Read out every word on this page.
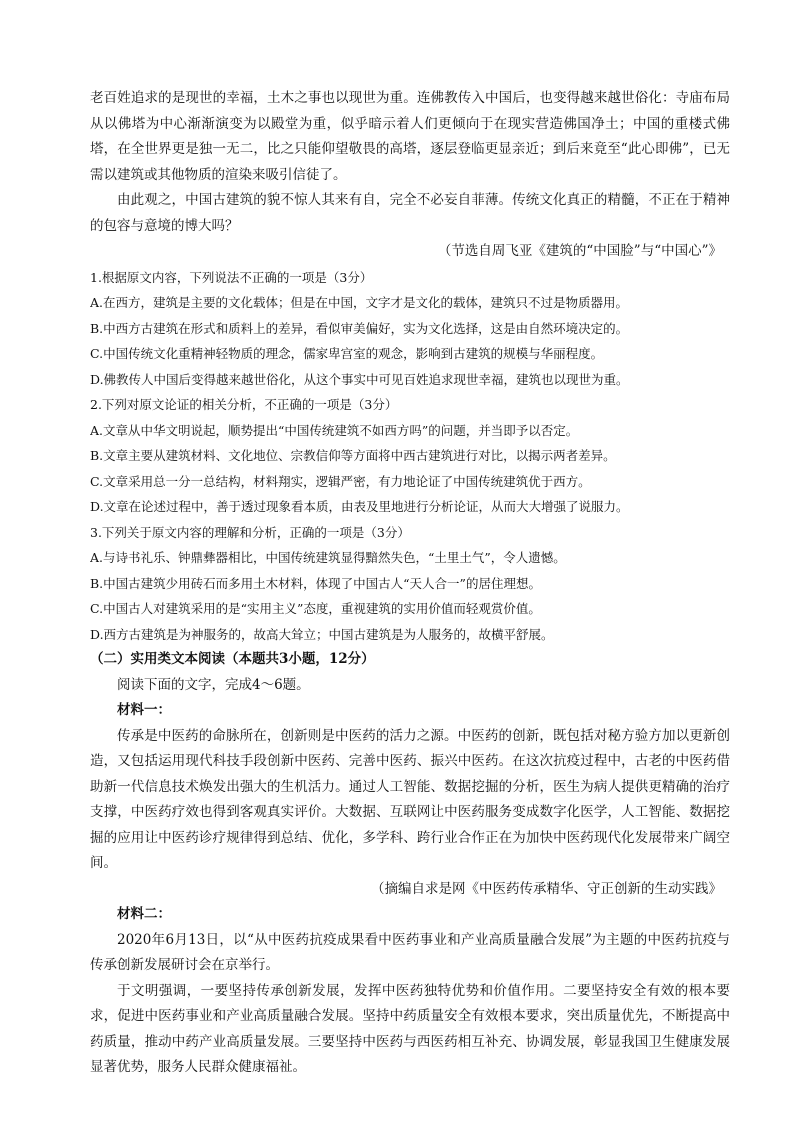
老百姓追求的是现世的幸福，土木之事也以现世为重。连佛教传入中国后，也变得越来越世俗化：寺庙布局从以佛塔为中心渐渐演变为以殿堂为重，似乎暗示着人们更倾向于在现实营造佛国净土；中国的重楼式佛塔，在全世界更是独一无二，比之只能仰望敬畏的高塔，逐层登临更显亲近；到后来竟至“此心即佛”，已无需以建筑或其他物质的渲染来吸引信徒了。

由此观之，中国古建筑的貌不惊人其来有自，完全不必妄自菲薄。传统文化真正的精髓，不正在于精神的包容与意境的博大吗？

（节选自周飞亚《建筑的“中国脸”与“中国心”》

1.根据原文内容，下列说法不正确的一项是（3分）

A.在西方，建筑是主要的文化载体；但是在中国，文字才是文化的载体，建筑只不过是物质器用。

B.中西方古建筑在形式和质料上的差异，看似审美偏好，实为文化选择，这是由自然环境决定的。

C.中国传统文化重精神轻物质的理念，儒家卑宫室的观念，影响到古建筑的规模与华丽程度。

D.佛教传人中国后变得越来越世俗化，从这个事实中可见百姓追求现世幸福，建筑也以现世为重。

2.下列对原文论证的相关分析，不正确的一项是（3分）

A.文章从中华文明说起，顺势提出“中国传统建筑不如西方吗”的问题，并当即予以否定。

B.文章主要从建筑材料、文化地位、宗教信仰等方面将中西古建筑进行对比，以揭示两者差异。

C.文章采用总一分一总结构，材料翔实，逻辑严密，有力地论证了中国传统建筑优于西方。

D.文章在论述过程中，善于透过现象看本质，由表及里地进行分析论证，从而大大增强了说服力。

3.下列关于原文内容的理解和分析，正确的一项是（3分）

A.与诗书礼乐、钟鼎彝器相比，中国传统建筑显得黯然失色，“土里土气”，令人遗憾。

B.中国古建筑少用砖石而多用土木材料，体现了中国古人“天人合一”的居住理想。

C.中国古人对建筑采用的是“实用主义”态度，重视建筑的实用价值而轻观赏价值。

D.西方古建筑是为神服务的，故高大耸立；中国古建筑是为人服务的，故横平舒展。

（二）实用类文本阅读（本题共3小题，12分）

阅读下面的文字，完成4～6题。

材料一：

传承是中医药的命脉所在，创新则是中医药的活力之源。中医药的创新，既包括对秘方验方加以更新创造，又包括运用现代科技手段创新中医药、完善中医药、振兴中医药。在这次抗疫过程中，古老的中医药借助新一代信息技术焕发出强大的生机活力。通过人工智能、数据挖掘的分析，医生为病人提供更精确的治疗支撑，中医药疗效也得到客观真实评价。大数据、互联网让中医药服务变成数字化医学，人工智能、数据挖掘的应用让中医药诊疗规律得到总结、优化，多学科、跨行业合作正在为加快中医药现代化发展带来广阔空间。

（摘编自求是网《中医药传承精华、守正创新的生动实践》

材料二：

2020年6月13日，以“从中医药抗疫成果看中医药事业和产业高质量融合发展”为主题的中医药抗疫与传承创新发展研讨会在京举行。

于文明强调，一要坚持传承创新发展，发挥中医药独特优势和价值作用。二要坚持安全有效的根本要求，促进中医药事业和产业高质量融合发展。坚持中药质量安全有效根本要求，突出质量优先，不断提高中药质量，推动中药产业高质量发展。三要坚持中医药与西医药相互补充、协调发展，彰显我国卫生健康发展显著优势，服务人民群众健康福祉。
